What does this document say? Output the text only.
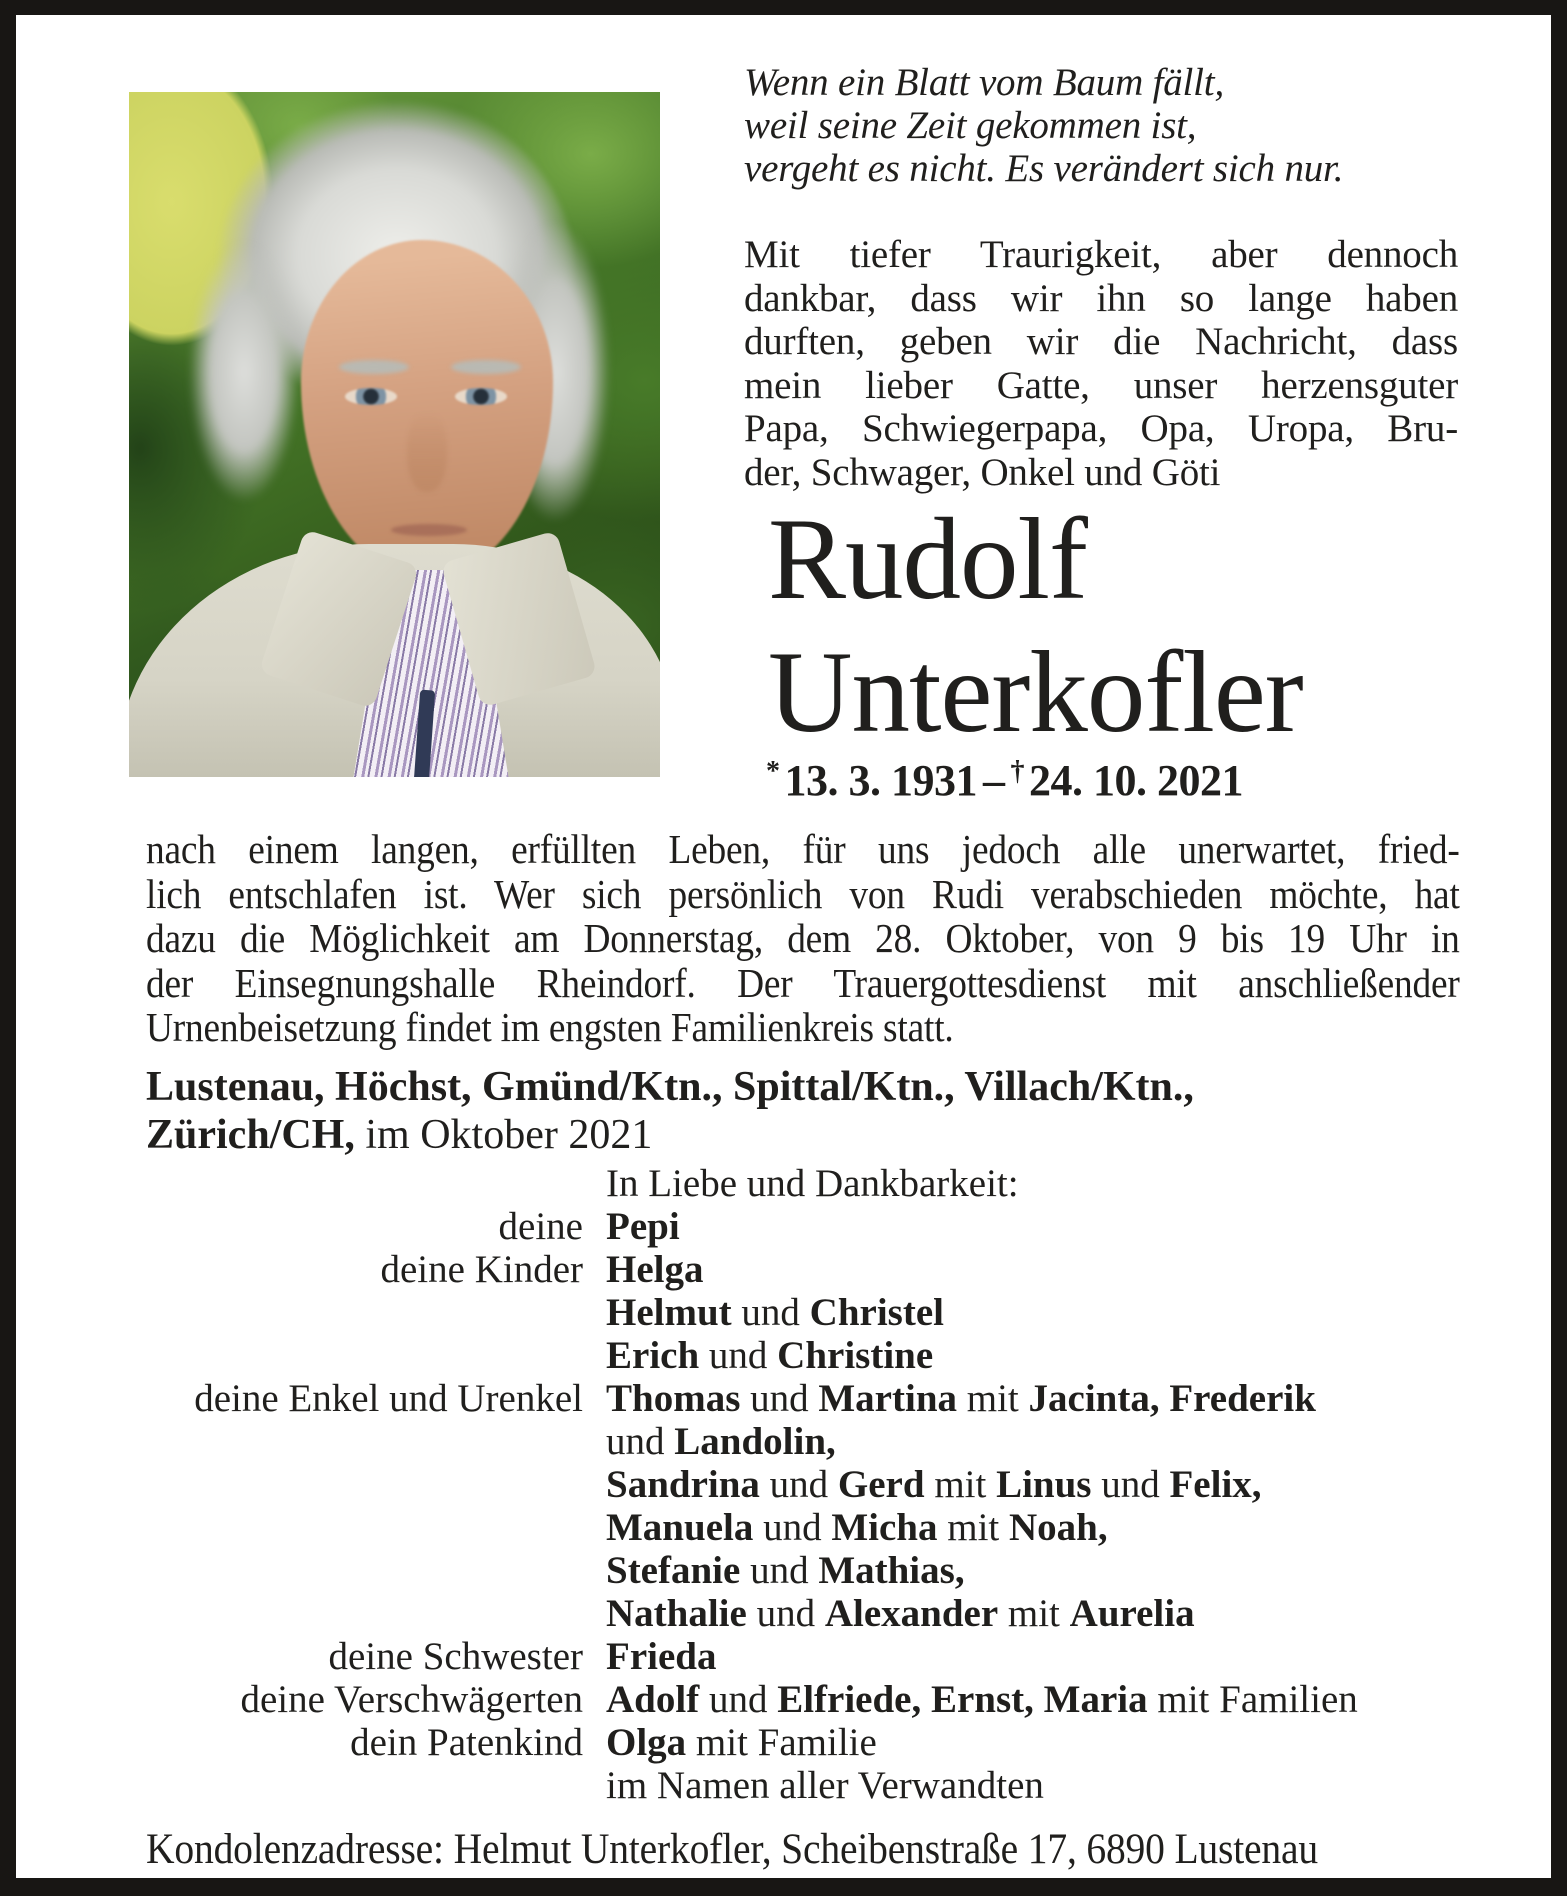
Wenn ein Blatt vom Baum fällt,
weil seine Zeit gekommen ist,
vergeht es nicht. Es verändert sich nur.
Mit tiefer Traurigkeit, aber dennoch
dankbar, dass wir ihn so lange haben
durften, geben wir die Nachricht, dass
mein lieber Gatte, unser herzensguter
Papa, Schwiegerpapa, Opa, Uropa, Bru-
der, Schwager, Onkel und Göti
Rudolf
Unterkofler
* 13. 3. 1931 – † 24. 10. 2021
nach einem langen, erfüllten Leben, für uns jedoch alle unerwartet, fried-
lich entschlafen ist. Wer sich persönlich von Rudi verabschieden möchte, hat
dazu die Möglichkeit am Donnerstag, dem 28. Oktober, von 9 bis 19 Uhr in
der Einsegnungshalle Rheindorf. Der Trauergottesdienst mit anschließender
Urnenbeisetzung findet im engsten Familienkreis statt.
Lustenau, Höchst, Gmünd/Ktn., Spittal/Ktn., Villach/Ktn.,
Zürich/CH, im Oktober 2021
In Liebe und Dankbarkeit:
deine Pepi
deine Kinder Helga
Helmut und Christel
Erich und Christine
deine Enkel und Urenkel Thomas und Martina mit Jacinta, Frederik
und Landolin,
Sandrina und Gerd mit Linus und Felix,
Manuela und Micha mit Noah,
Stefanie und Mathias,
Nathalie und Alexander mit Aurelia
deine Schwester Frieda
deine Verschwägerten Adolf und Elfriede, Ernst, Maria mit Familien
dein Patenkind Olga mit Familie
im Namen aller Verwandten
Kondolenzadresse: Helmut Unterkofler, Scheibenstraße 17, 6890 Lustenau
